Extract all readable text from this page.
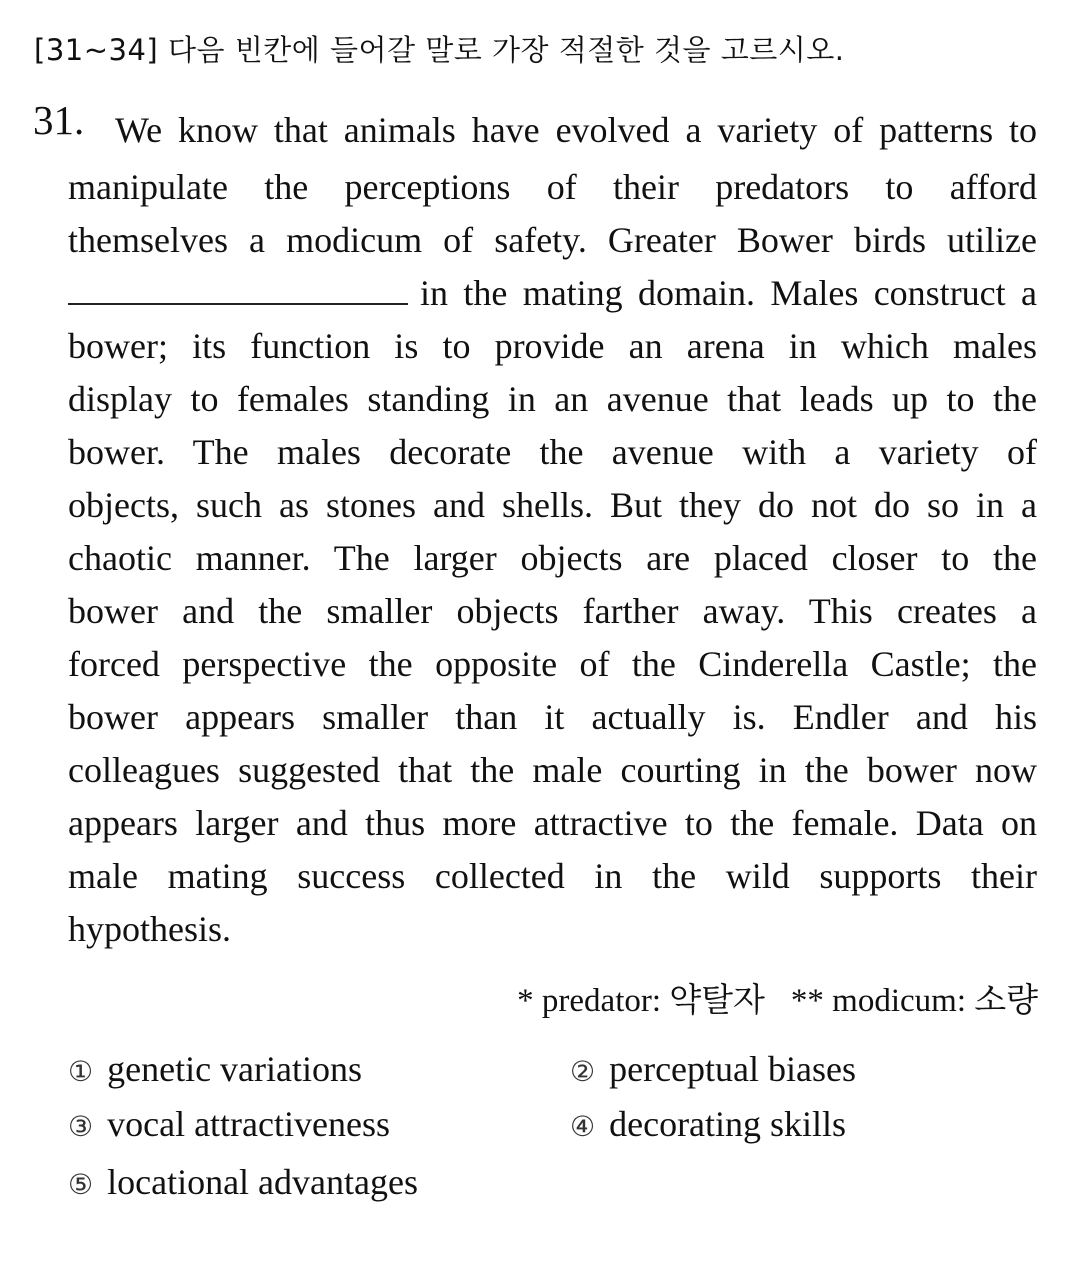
[31~34] 다음 빈칸에 들어갈 말로 가장 적절한 것을 고르시오.
31. We know that animals have evolved a variety of patterns to
manipulate the perceptions of their predators to afford
themselves a modicum of safety. Greater Bower birds utilize
in the mating domain. Males construct a
bower; its function is to provide an arena in which males
display to females standing in an avenue that leads up to the
bower. The males decorate the avenue with a variety of
objects, such as stones and shells. But they do not do so in a
chaotic manner. The larger objects are placed closer to the
bower and the smaller objects farther away. This creates a
forced perspective the opposite of the Cinderella Castle; the
bower appears smaller than it actually is. Endler and his
colleagues suggested that the male courting in the bower now
appears larger and thus more attractive to the female. Data on
male mating success collected in the wild supports their
hypothesis.
* predator: 약탈자 ** modicum: 소량
① genetic variations	② perceptual biases
③ vocal attractiveness	④ decorating skills
⑤ locational advantages
